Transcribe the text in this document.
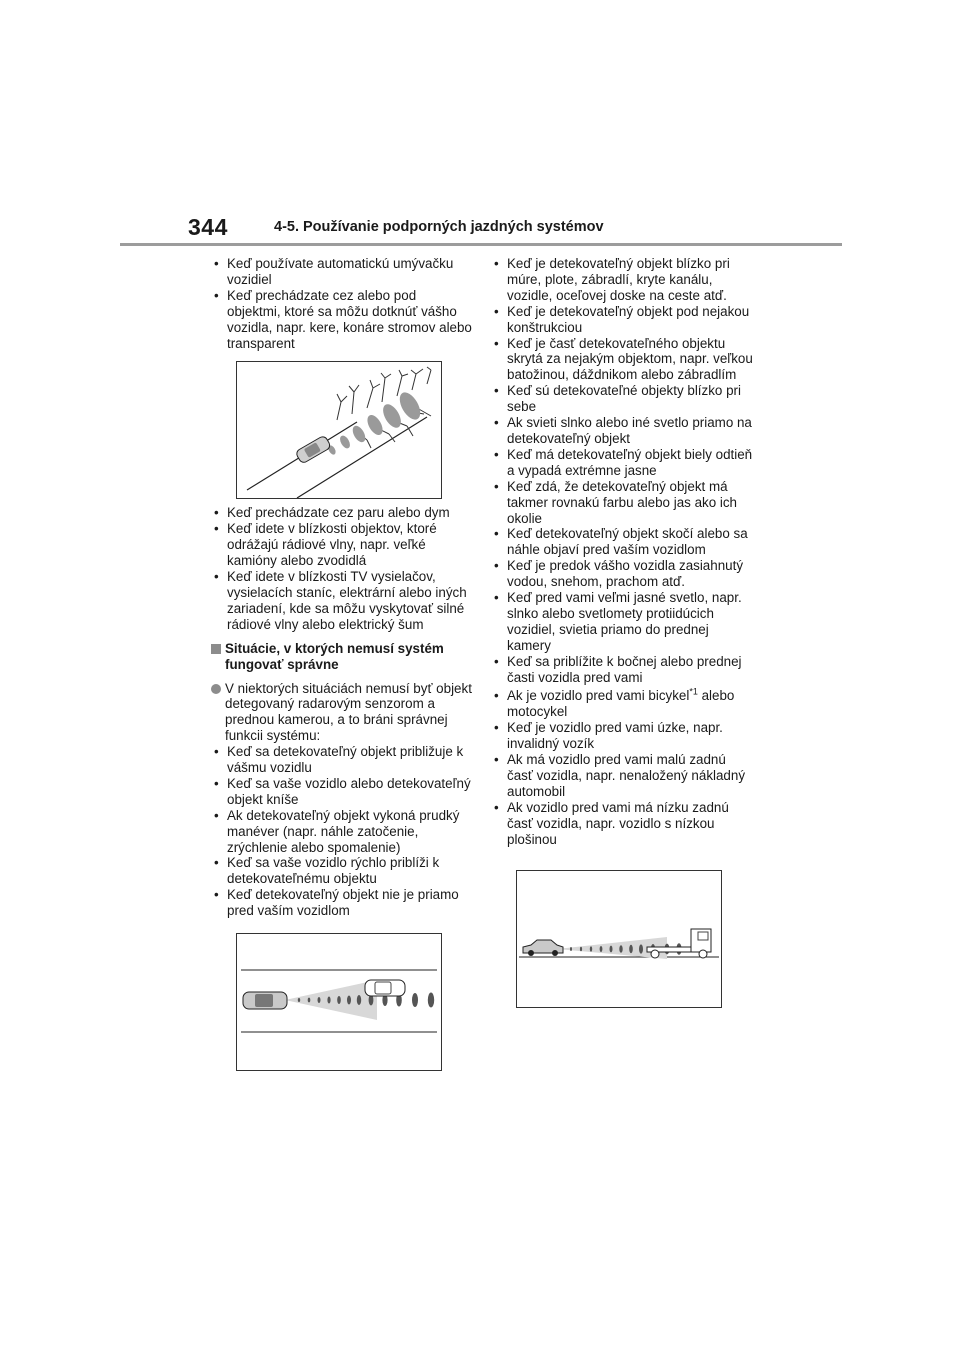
344	4-5. Používanie podporných jazdných systémov
• Keď používate automatickú umývačku vozidiel
• Keď prechádzate cez alebo pod objektmi, ktoré sa môžu dotknúť vášho vozidla, napr. kere, konáre stromov alebo transparent
• Keď prechádzate cez paru alebo dym
• Keď idete v blízkosti objektov, ktoré odrážajú rádiové vlny, napr. veľké kamióny alebo zvodidlá
• Keď idete v blízkosti TV vysielačov, vysielacích staníc, elektrární alebo iných zariadení, kde sa môžu vyskytovať silné rádiové vlny alebo elektrický šum
Situácie, v ktorých nemusí systém fungovať správne
V niektorých situáciách nemusí byť objekt detegovaný radarovým senzorom a prednou kamerou, a to bráni správnej funkcii systému:
• Keď sa detekovateľný objekt približuje k vášmu vozidlu
• Keď sa vaše vozidlo alebo detekovateľný objekt kníše
• Ak detekovateľný objekt vykoná prudký manéver (napr. náhle zatočenie, zrýchlenie alebo spomalenie)
• Keď sa vaše vozidlo rýchlo priblíži k detekovateľnému objektu
• Keď detekovateľný objekt nie je priamo pred vaším vozidlom
• Keď je detekovateľný objekt blízko pri múre, plote, zábradlí, kryte kanálu, vozidle, oceľovej doske na ceste atď.
• Keď je detekovateľný objekt pod nejakou konštrukciou
• Keď je časť detekovateľného objektu skrytá za nejakým objektom, napr. veľkou batožinou, dáždnikom alebo zábradlím
• Keď sú detekovateľné objekty blízko pri sebe
• Ak svieti slnko alebo iné svetlo priamo na detekovateľný objekt
• Keď má detekovateľný objekt biely odtieň a vypadá extrémne jasne
• Keď zdá, že detekovateľný objekt má takmer rovnakú farbu alebo jas ako ich okolie
• Keď detekovateľný objekt skočí alebo sa náhle objaví pred vaším vozidlom
• Keď je predok vášho vozidla zasiahnutý vodou, snehom, prachom atď.
• Keď pred vami veľmi jasné svetlo, napr. slnko alebo svetlomety protiidúcich vozidiel, svietia priamo do prednej kamery
• Keď sa priblížite k bočnej alebo prednej časti vozidla pred vami
• Ak je vozidlo pred vami bicykel$^{*1}$ alebo motocykel
• Keď je vozidlo pred vami úzke, napr. invalidný vozík
• Ak má vozidlo pred vami malú zadnú časť vozidla, napr. nenaložený nákladný automobil
• Ak vozidlo pred vami má nízku zadnú časť vozidla, napr. vozidlo s nízkou plošinou
